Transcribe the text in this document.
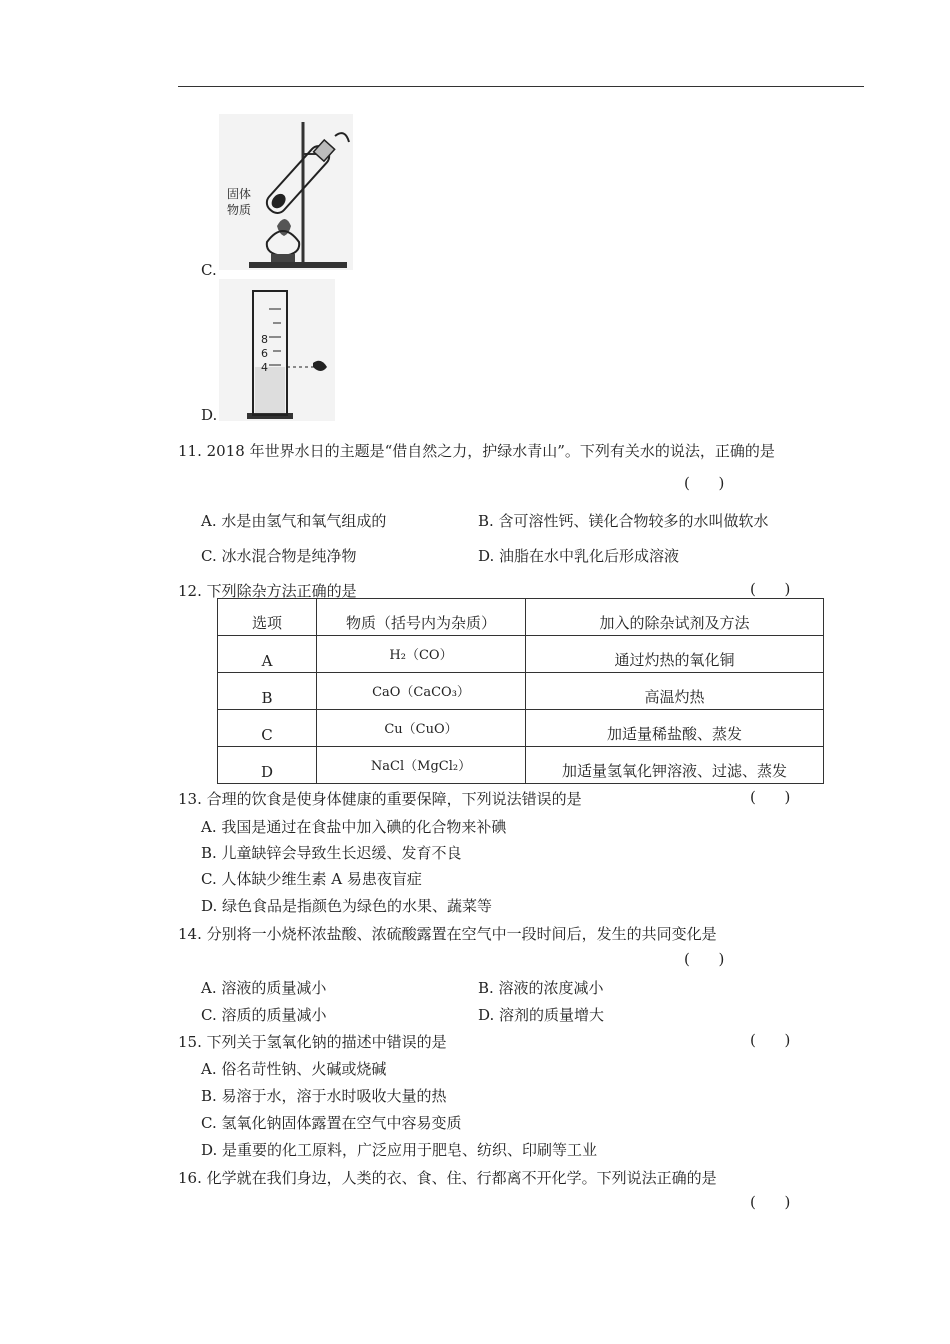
固体
物质
C.
8
6
4
D.
11. 2018 年世界水日的主题是“借自然之力，护绿水青山”。下列有关水的说法，正确的是
(      )
A. 水是由氢气和氧气组成的	B. 含可溶性钙、镁化合物较多的水叫做软水
C. 冰水混合物是纯净物	D. 油脂在水中乳化后形成溶液
12. 下列除杂方法正确的是	(      )
选项	物质（括号内为杂质）	加入的除杂试剂及方法
A	H₂（CO）	通过灼热的氧化铜
B	CaO（CaCO₃）	高温灼热
C	Cu（CuO）	加适量稀盐酸、蒸发
D	NaCl（MgCl₂）	加适量氢氧化钾溶液、过滤、蒸发
13. 合理的饮食是使身体健康的重要保障，下列说法错误的是	(      )
A. 我国是通过在食盐中加入碘的化合物来补碘
B. 儿童缺锌会导致生长迟缓、发育不良
C. 人体缺少维生素 A 易患夜盲症
D. 绿色食品是指颜色为绿色的水果、蔬菜等
14. 分别将一小烧杯浓盐酸、浓硫酸露置在空气中一段时间后，发生的共同变化是
(      )
A. 溶液的质量减小	B. 溶液的浓度减小
C. 溶质的质量减小	D. 溶剂的质量增大
15. 下列关于氢氧化钠的描述中错误的是	(      )
A. 俗名苛性钠、火碱或烧碱
B. 易溶于水，溶于水时吸收大量的热
C. 氢氧化钠固体露置在空气中容易变质
D. 是重要的化工原料，广泛应用于肥皂、纺织、印刷等工业
16. 化学就在我们身边，人类的衣、食、住、行都离不开化学。下列说法正确的是
(      )
